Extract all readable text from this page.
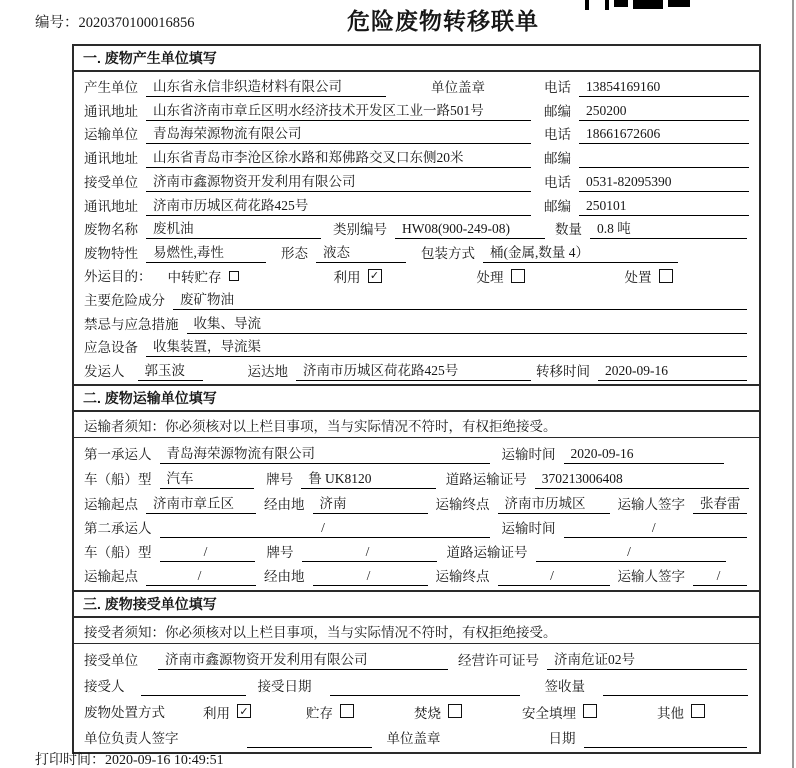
编号：2020370100016856	危险废物转移联单
一. 废物产生单位填写
产生单位	山东省永信非织造材料有限公司	单位盖章	电话	13854169160
通讯地址	山东省济南市章丘区明水经济技术开发区工业一路501号	邮编	250200
运输单位	青岛海荣源物流有限公司	电话	18661672606
通讯地址	山东省青岛市李沧区徐水路和郑佛路交叉口东侧20米	邮编
接受单位	济南市鑫源物资开发利用有限公司	电话	0531-82095390
通讯地址	济南市历城区荷花路425号	邮编	250101
废物名称	废机油	类别编号	HW08(900-249-08)	数量	0.8 吨
废物特性	易燃性,毒性	形态	液态	包装方式	桶(金属,数量 4）
外运目的： 中转贮存	利用 ✓	处理	处置
主要危险成分	废矿物油
禁忌与应急措施	收集、导流
应急设备	收集装置，导流渠
发运人	郭玉波	运达地	济南市历城区荷花路425号	转移时间	2020-09-16
二. 废物运输单位填写
运输者须知：你必须核对以上栏目事项，当与实际情况不符时，有权拒绝接受。
第一承运人	青岛海荣源物流有限公司	运输时间	2020-09-16
车（船）型	汽车	牌号	鲁 UK8120	道路运输证号	370213006408
运输起点	济南市章丘区	经由地	济南	运输终点	济南市历城区	运输人签字	张春雷
第二承运人	/	运输时间	/
车（船）型	/	牌号	/	道路运输证号	/
运输起点	/	经由地	/	运输终点	/	运输人签字	/
三. 废物接受单位填写
接受者须知：你必须核对以上栏目事项，当与实际情况不符时，有权拒绝接受。
接受单位	济南市鑫源物资开发利用有限公司	经营许可证号	济南危证02号
接受人	接受日期	签收量
废物处置方式	利用 ✓	贮存	焚烧	安全填埋	其他
单位负责人签字	单位盖章	日期
打印时间：2020-09-16 10:49:51
